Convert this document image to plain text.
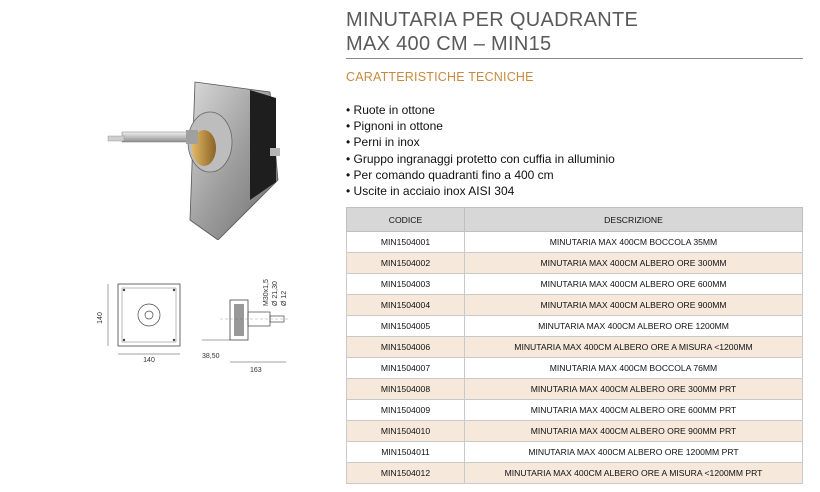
140
140
38,50
163
M30x1,5 Ø 21,30 Ø 12
MINUTARIA PER QUADRANTE
MAX 400 CM – MIN15
CARATTERISTICHE TECNICHE
• Ruote in ottone
• Pignoni in ottone
• Perni in inox
• Gruppo ingranaggi protetto con cuffia in alluminio
• Per comando quadranti fino a 400 cm
• Uscite in acciaio inox AISI 304
CODICE	DESCRIZIONE
MIN1504001	MINUTARIA MAX 400CM BOCCOLA 35MM
MIN1504002	MINUTARIA MAX 400CM ALBERO ORE 300MM
MIN1504003	MINUTARIA MAX 400CM ALBERO ORE 600MM
MIN1504004	MINUTARIA MAX 400CM ALBERO ORE 900MM
MIN1504005	MINUTARIA MAX 400CM ALBERO ORE 1200MM
MIN1504006	MINUTARIA MAX 400CM ALBERO ORE A MISURA <1200MM
MIN1504007	MINUTARIA MAX 400CM BOCCOLA 76MM
MIN1504008	MINUTARIA MAX 400CM ALBERO ORE 300MM PRT
MIN1504009	MINUTARIA MAX 400CM ALBERO ORE 600MM PRT
MIN1504010	MINUTARIA MAX 400CM ALBERO ORE 900MM PRT
MIN1504011	MINUTARIA MAX 400CM ALBERO ORE 1200MM PRT
MIN1504012	MINUTARIA MAX 400CM ALBERO ORE A MISURA <1200MM PRT
